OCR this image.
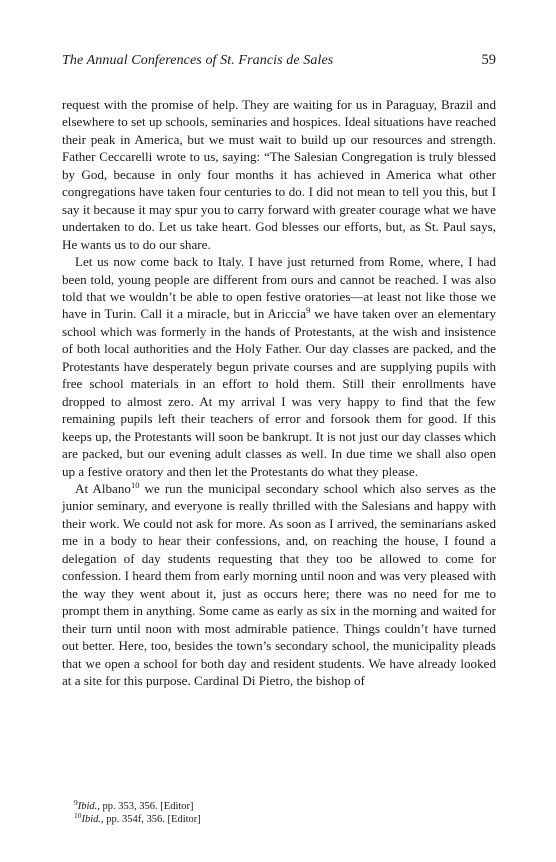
The Annual Conferences of St. Francis de Sales	59

request with the promise of help. They are waiting for us in Paraguay, Brazil and elsewhere to set up schools, seminaries and hospices. Ideal situations have reached their peak in America, but we must wait to build up our resources and strength. Father Ceccarelli wrote to us, saying: “The Salesian Congregation is truly blessed by God, because in only four months it has achieved in America what other congregations have taken four centuries to do. I did not mean to tell you this, but I say it because it may spur you to carry forward with greater courage what we have undertaken to do. Let us take heart. God blesses our efforts, but, as St. Paul says, He wants us to do our share.

Let us now come back to Italy. I have just returned from Rome, where, I had been told, young people are different from ours and cannot be reached. I was also told that we wouldn’t be able to open festive oratories—at least not like those we have in Turin. Call it a miracle, but in Ariccia$^9$ we have taken over an elementary school which was formerly in the hands of Protestants, at the wish and insistence of both local authorities and the Holy Father. Our day classes are packed, and the Protestants have desperately begun private courses and are supplying pupils with free school materials in an effort to hold them. Still their enrollments have dropped to almost zero. At my arrival I was very happy to find that the few remaining pupils left their teachers of error and forsook them for good. If this keeps up, the Protestants will soon be bankrupt. It is not just our day classes which are packed, but our evening adult classes as well. In due time we shall also open up a festive oratory and then let the Protestants do what they please.

At Albano$^{10}$ we run the municipal secondary school which also serves as the junior seminary, and everyone is really thrilled with the Salesians and happy with their work. We could not ask for more. As soon as I arrived, the seminarians asked me in a body to hear their confessions, and, on reaching the house, I found a delegation of day students requesting that they too be allowed to come for confession. I heard them from early morning until noon and was very pleased with the way they went about it, just as occurs here; there was no need for me to prompt them in anything. Some came as early as six in the morning and waited for their turn until noon with most admirable patience. Things couldn’t have turned out better. Here, too, besides the town’s secondary school, the municipality pleads that we open a school for both day and resident students. We have already looked at a site for this purpose. Cardinal Di Pietro, the bishop of

$^9$Ibid., pp. 353, 356. [Editor]

$^{10}$Ibid., pp. 354f, 356. [Editor]
